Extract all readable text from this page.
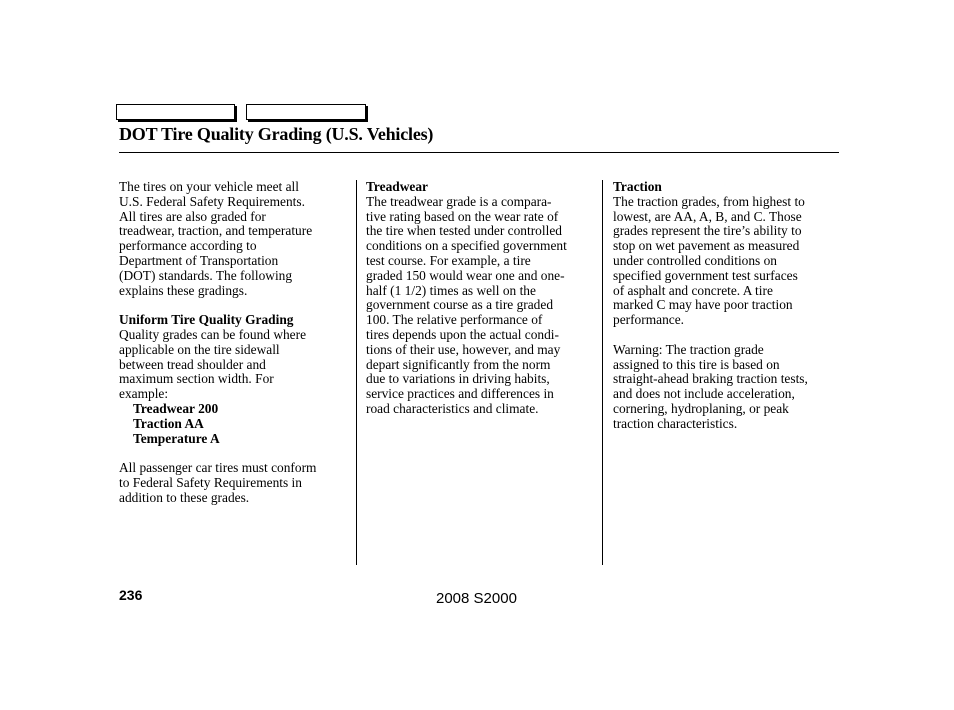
DOT Tire Quality Grading (U.S. Vehicles)
The tires on your vehicle meet all
U.S. Federal Safety Requirements.
All tires are also graded for
treadwear, traction, and temperature
performance according to
Department of Transportation
(DOT) standards. The following
explains these gradings.
Uniform Tire Quality Grading
Quality grades can be found where
applicable on the tire sidewall
between tread shoulder and
maximum section width. For
example:
Treadwear 200
Traction AA
Temperature A
All passenger car tires must conform
to Federal Safety Requirements in
addition to these grades.
Treadwear
The treadwear grade is a compara-
tive rating based on the wear rate of
the tire when tested under controlled
conditions on a specified government
test course. For example, a tire
graded 150 would wear one and one-
half (1 1/2) times as well on the
government course as a tire graded
100. The relative performance of
tires depends upon the actual condi-
tions of their use, however, and may
depart significantly from the norm
due to variations in driving habits,
service practices and differences in
road characteristics and climate.
Traction
The traction grades, from highest to
lowest, are AA, A, B, and C. Those
grades represent the tire’s ability to
stop on wet pavement as measured
under controlled conditions on
specified government test surfaces
of asphalt and concrete. A tire
marked C may have poor traction
performance.
Warning: The traction grade
assigned to this tire is based on
straight-ahead braking traction tests,
and does not include acceleration,
cornering, hydroplaning, or peak
traction characteristics.
236	2008 S2000
